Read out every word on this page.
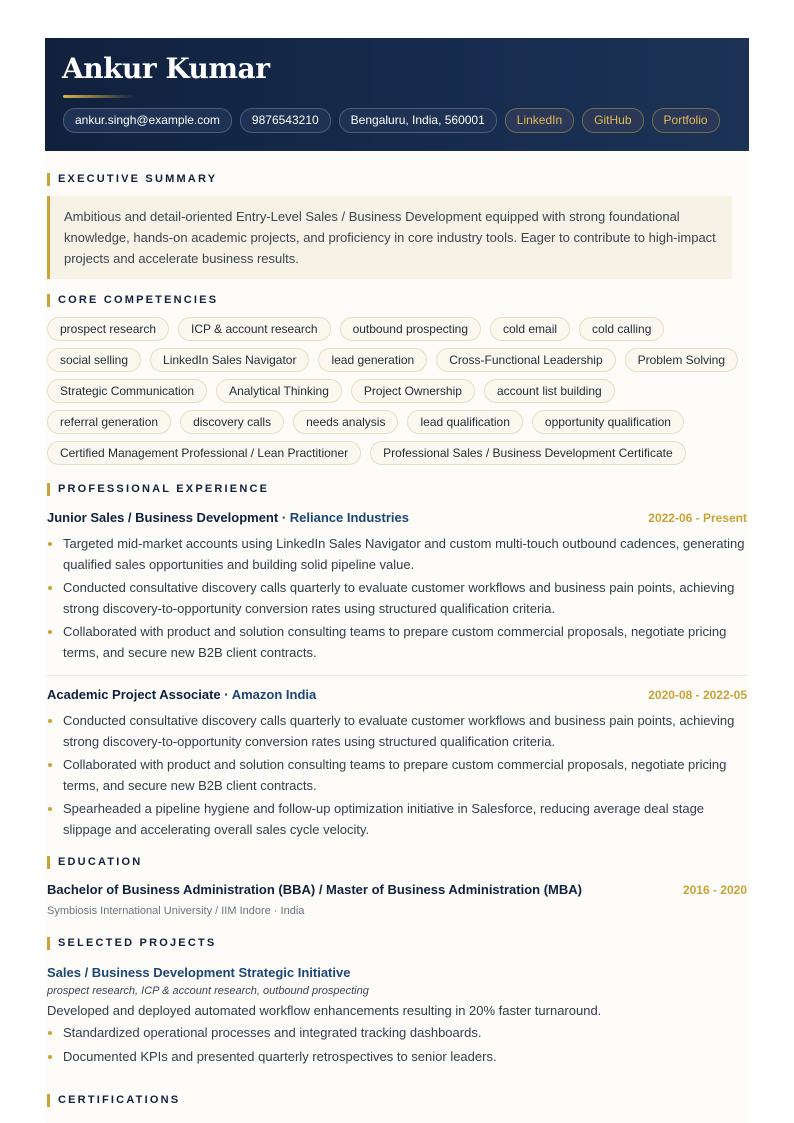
Ankur Kumar
ankur.singh@example.com	9876543210	Bengaluru, India, 560001	LinkedIn	GitHub	Portfolio
EXECUTIVE SUMMARY
Ambitious and detail-oriented Entry-Level Sales / Business Development equipped with strong foundational knowledge, hands-on academic projects, and proficiency in core industry tools. Eager to contribute to high-impact projects and accelerate business results.
CORE COMPETENCIES
prospect research	ICP & account research	outbound prospecting	cold email	cold calling
social selling	LinkedIn Sales Navigator	lead generation	Cross-Functional Leadership	Problem Solving
Strategic Communication	Analytical Thinking	Project Ownership	account list building
referral generation	discovery calls	needs analysis	lead qualification	opportunity qualification
Certified Management Professional / Lean Practitioner	Professional Sales / Business Development Certificate
PROFESSIONAL EXPERIENCE
Junior Sales / Business Development · Reliance Industries	2022-06 - Present
Targeted mid-market accounts using LinkedIn Sales Navigator and custom multi-touch outbound cadences, generating qualified sales opportunities and building solid pipeline value.
Conducted consultative discovery calls quarterly to evaluate customer workflows and business pain points, achieving strong discovery-to-opportunity conversion rates using structured qualification criteria.
Collaborated with product and solution consulting teams to prepare custom commercial proposals, negotiate pricing terms, and secure new B2B client contracts.
Academic Project Associate · Amazon India	2020-08 - 2022-05
Conducted consultative discovery calls quarterly to evaluate customer workflows and business pain points, achieving strong discovery-to-opportunity conversion rates using structured qualification criteria.
Collaborated with product and solution consulting teams to prepare custom commercial proposals, negotiate pricing terms, and secure new B2B client contracts.
Spearheaded a pipeline hygiene and follow-up optimization initiative in Salesforce, reducing average deal stage slippage and accelerating overall sales cycle velocity.
EDUCATION
Bachelor of Business Administration (BBA) / Master of Business Administration (MBA)	2016 - 2020
Symbiosis International University / IIM Indore · India
SELECTED PROJECTS
Sales / Business Development Strategic Initiative
prospect research, ICP & account research, outbound prospecting
Developed and deployed automated workflow enhancements resulting in 20% faster turnaround.
Standardized operational processes and integrated tracking dashboards.
Documented KPIs and presented quarterly retrospectives to senior leaders.
CERTIFICATIONS
